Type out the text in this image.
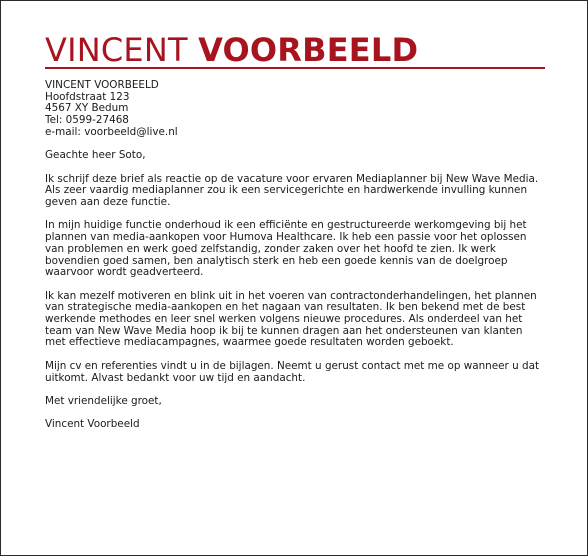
VINCENT VOORBEELD
VINCENT VOORBEELD
Hoofdstraat 123
4567 XY Bedum
Tel: 0599-27468
e-mail: voorbeeld@live.nl

Geachte heer Soto,

Ik schrijf deze brief als reactie op de vacature voor ervaren Mediaplanner bij New Wave Media. Als zeer vaardig mediaplanner zou ik een servicegerichte en hardwerkende invulling kunnen geven aan deze functie.

In mijn huidige functie onderhoud ik een efficiënte en gestructureerde werkomgeving bij het plannen van media-aankopen voor Humova Healthcare. Ik heb een passie voor het oplossen van problemen en werk goed zelfstandig, zonder zaken over het hoofd te zien. Ik werk bovendien goed samen, ben analytisch sterk en heb een goede kennis van de doelgroep waarvoor wordt geadverteerd.

Ik kan mezelf motiveren en blink uit in het voeren van contractonderhandelingen, het plannen van strategische media-aankopen en het nagaan van resultaten. Ik ben bekend met de best werkende methodes en leer snel werken volgens nieuwe procedures. Als onderdeel van het team van New Wave Media hoop ik bij te kunnen dragen aan het ondersteunen van klanten met effectieve mediacampagnes, waarmee goede resultaten worden geboekt.

Mijn cv en referenties vindt u in de bijlagen. Neemt u gerust contact met me op wanneer u dat uitkomt. Alvast bedankt voor uw tijd en aandacht.

Met vriendelijke groet,

Vincent Voorbeeld
